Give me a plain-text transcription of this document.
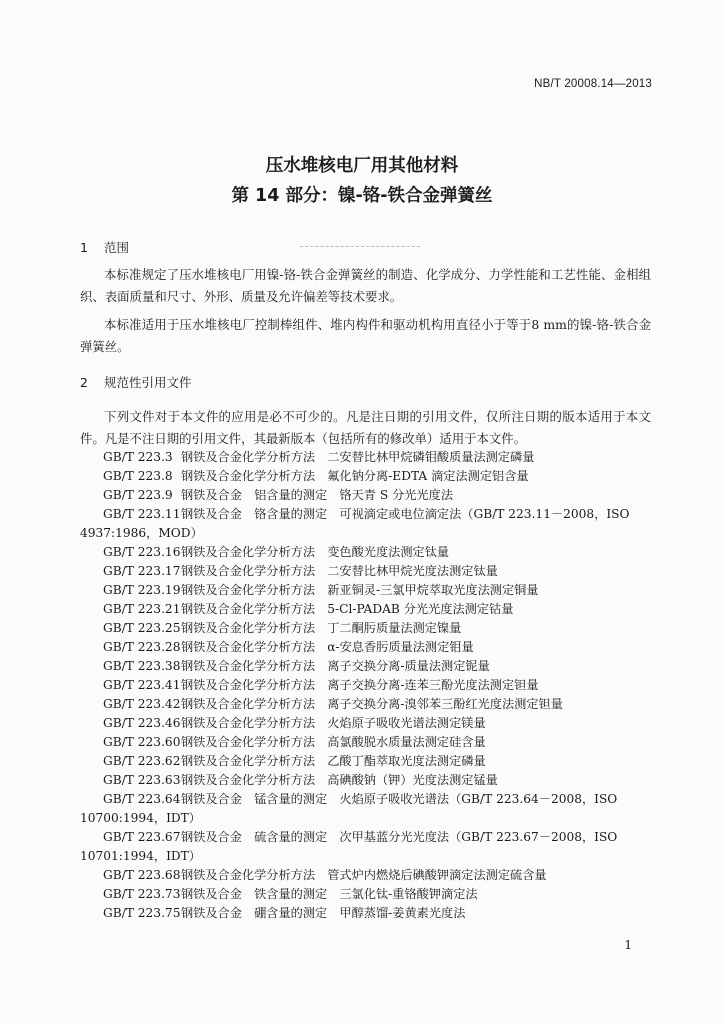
NB/T 20008.14—2013
压水堆核电厂用其他材料
第 14 部分：镍-铬-铁合金弹簧丝
1 范围
本标准规定了压水堆核电厂用镍-铬-铁合金弹簧丝的制造、化学成分、力学性能和工艺性能、金相组织、表面质量和尺寸、外形、质量及允许偏差等技术要求。
本标准适用于压水堆核电厂控制棒组件、堆内构件和驱动机构用直径小于等于8 mm的镍-铬-铁合金弹簧丝。
2 规范性引用文件
下列文件对于本文件的应用是必不可少的。凡是注日期的引用文件，仅所注日期的版本适用于本文件。凡是不注日期的引用文件，其最新版本（包括所有的修改单）适用于本文件。
GB/T 223.3 钢铁及合金化学分析方法　二安替比林甲烷磷钼酸质量法测定磷量
GB/T 223.8 钢铁及合金化学分析方法　氟化钠分离-EDTA 滴定法测定铝含量
GB/T 223.9 钢铁及合金　铝含量的测定　铬天青 S 分光光度法
GB/T 223.11钢铁及合金　铬含量的测定　可视滴定或电位滴定法（GB/T 223.11－2008，ISO
4937:1986，MOD）
GB/T 223.16钢铁及合金化学分析方法　变色酸光度法测定钛量
GB/T 223.17钢铁及合金化学分析方法　二安替比林甲烷光度法测定钛量
GB/T 223.19钢铁及合金化学分析方法　新亚铜灵-三氯甲烷萃取光度法测定铜量
GB/T 223.21钢铁及合金化学分析方法　5-Cl-PADAB 分光光度法测定钴量
GB/T 223.25钢铁及合金化学分析方法　丁二酮肟质量法测定镍量
GB/T 223.28钢铁及合金化学分析方法　α-安息香肟质量法测定钼量
GB/T 223.38钢铁及合金化学分析方法　离子交换分离-质量法测定铌量
GB/T 223.41钢铁及合金化学分析方法　离子交换分离-连苯三酚光度法测定钽量
GB/T 223.42钢铁及合金化学分析方法　离子交换分离-溴邻苯三酚红光度法测定钽量
GB/T 223.46钢铁及合金化学分析方法　火焰原子吸收光谱法测定镁量
GB/T 223.60钢铁及合金化学分析方法　高氯酸脱水质量法测定硅含量
GB/T 223.62钢铁及合金化学分析方法　乙酸丁酯萃取光度法测定磷量
GB/T 223.63钢铁及合金化学分析方法　高碘酸钠（钾）光度法测定锰量
GB/T 223.64钢铁及合金　锰含量的测定　火焰原子吸收光谱法（GB/T 223.64－2008，ISO
10700:1994，IDT）
GB/T 223.67钢铁及合金　硫含量的测定　次甲基蓝分光光度法（GB/T 223.67－2008，ISO
10701:1994，IDT）
GB/T 223.68钢铁及合金化学分析方法　管式炉内燃烧后碘酸钾滴定法测定硫含量
GB/T 223.73钢铁及合金　铁含量的测定　三氯化钛-重铬酸钾滴定法
GB/T 223.75钢铁及合金　硼含量的测定　甲醇蒸馏-姜黄素光度法
1
